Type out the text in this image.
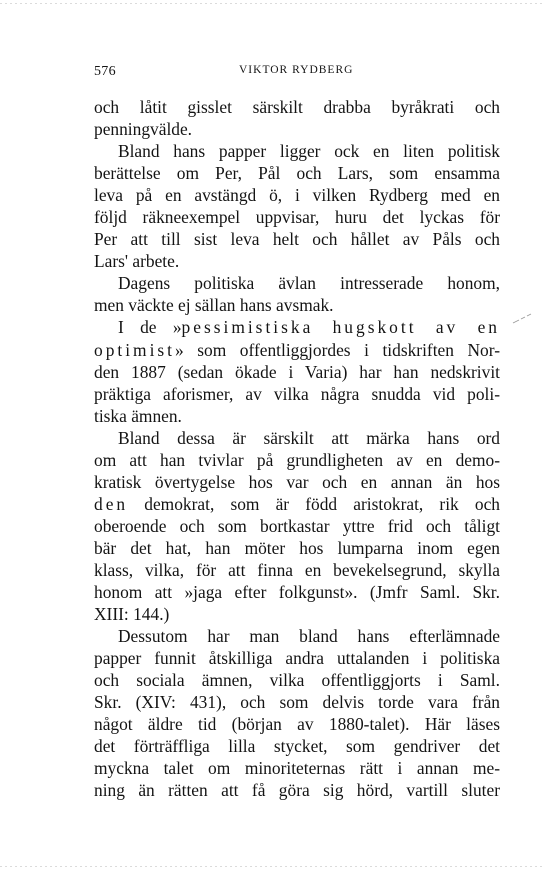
576	VIKTOR RYDBERG
och låtit gisslet särskilt drabba byråkrati och
penningvälde.
Bland hans papper ligger ock en liten politisk
berättelse om Per, Pål och Lars, som ensamma
leva på en avstängd ö, i vilken Rydberg med en
följd räkneexempel uppvisar, huru det lyckas för
Per att till sist leva helt och hållet av Påls och
Lars' arbete.
Dagens politiska ävlan intresserade honom,
men väckte ej sällan hans avsmak.
I de »pessimistiska hugskott av en
optimist» som offentliggjordes i tidskriften Nor-
den 1887 (sedan ökade i Varia) har han nedskrivit
präktiga aforismer, av vilka några snudda vid poli-
tiska ämnen.
Bland dessa är särskilt att märka hans ord
om att han tvivlar på grundligheten av en demo-
kratisk övertygelse hos var och en annan än hos
den demokrat, som är född aristokrat, rik och
oberoende och som bortkastar yttre frid och tåligt
bär det hat, han möter hos lumparna inom egen
klass, vilka, för att finna en bevekelsegrund, skylla
honom att »jaga efter folkgunst». (Jmfr Saml. Skr.
XIII: 144.)
Dessutom har man bland hans efterlämnade
papper funnit åtskilliga andra uttalanden i politiska
och sociala ämnen, vilka offentliggjorts i Saml.
Skr. (XIV: 431), och som delvis torde vara från
något äldre tid (början av 1880-talet). Här läses
det förträffliga lilla stycket, som gendriver det
myckna talet om minoriteternas rätt i annan me-
ning än rätten att få göra sig hörd, vartill sluter
